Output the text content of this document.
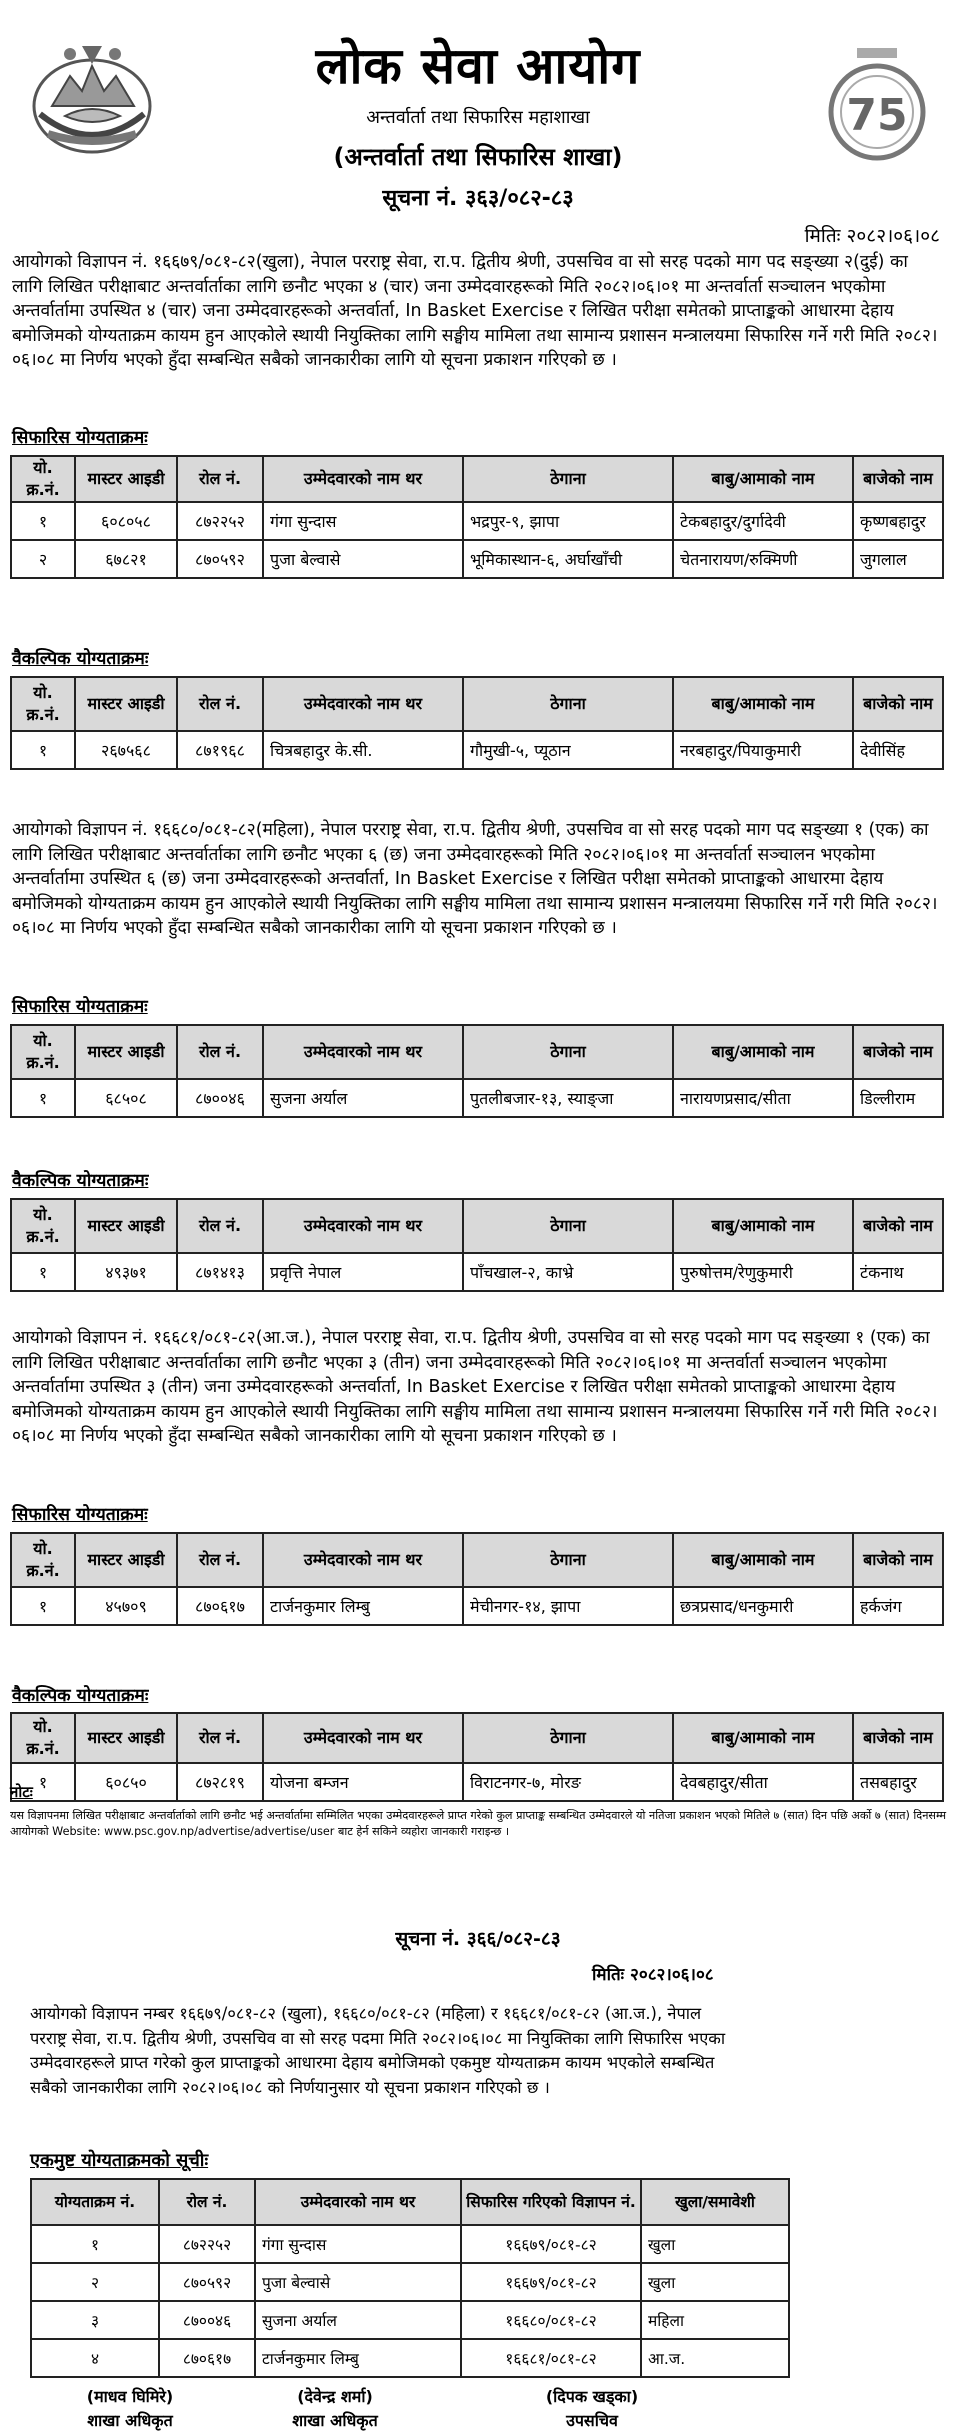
लोक सेवा आयोग
अन्तर्वार्ता तथा सिफारिस महाशाखा
(अन्तर्वार्ता तथा सिफारिस शाखा)
सूचना नं. ३६३/०८२-८३
75
मितिः २०८२।०६।०८
आयोगको विज्ञापन नं. १६६७९/०८१-८२(खुला), नेपाल परराष्ट्र सेवा, रा.प. द्वितीय श्रेणी, उपसचिव वा सो सरह पदको माग पद सङ्ख्या २(दुई) का लागि लिखित परीक्षाबाट अन्तर्वार्ताका लागि छनौट भएका ४ (चार) जना उम्मेदवारहरूको मिति २०८२।०६।०१ मा अन्तर्वार्ता सञ्चालन भएकोमा अन्तर्वार्तामा उपस्थित ४ (चार) जना उम्मेदवारहरूको अन्तर्वार्ता, In Basket Exercise र लिखित परीक्षा समेतको प्राप्ताङ्कको आधारमा देहाय बमोजिमको योग्यताक्रम कायम हुन आएकोले स्थायी नियुक्तिका लागि सङ्घीय मामिला तथा सामान्य प्रशासन मन्त्रालयमा सिफारिस गर्ने गरी मिति २०८२।०६।०८ मा निर्णय भएको हुँदा सम्बन्धित सबैको जानकारीका लागि यो सूचना प्रकाशन गरिएको छ ।
सिफारिस योग्यताक्रमः
यो. क्र.नं.	मास्टर आइडी	रोल नं.	उम्मेदवारको नाम थर	ठेगाना	बाबु/आमाको नाम	बाजेको नाम
१	६०८०५८	८७२२५२	गंगा सुन्दास	भद्रपुर-९, झापा	टेकबहादुर/दुर्गादेवी	कृष्णबहादुर
२	६७८२१	८७०५९२	पुजा बेल्वासे	भूमिकास्थान-६, अर्घाखाँची	चेतनारायण/रुक्मिणी	जुगलाल
वैकल्पिक योग्यताक्रमः
यो. क्र.नं.	मास्टर आइडी	रोल नं.	उम्मेदवारको नाम थर	ठेगाना	बाबु/आमाको नाम	बाजेको नाम
१	२६७५६८	८७१९६८	चित्रबहादुर के.सी.	गौमुखी-५, प्यूठान	नरबहादुर/पियाकुमारी	देवीसिंह
आयोगको विज्ञापन नं. १६६८०/०८१-८२(महिला), नेपाल परराष्ट्र सेवा, रा.प. द्वितीय श्रेणी, उपसचिव वा सो सरह पदको माग पद सङ्ख्या १ (एक) का लागि लिखित परीक्षाबाट अन्तर्वार्ताका लागि छनौट भएका ६ (छ) जना उम्मेदवारहरूको मिति २०८२।०६।०१ मा अन्तर्वार्ता सञ्चालन भएकोमा अन्तर्वार्तामा उपस्थित ६ (छ) जना उम्मेदवारहरूको अन्तर्वार्ता, In Basket Exercise र लिखित परीक्षा समेतको प्राप्ताङ्कको आधारमा देहाय बमोजिमको योग्यताक्रम कायम हुन आएकोले स्थायी नियुक्तिका लागि सङ्घीय मामिला तथा सामान्य प्रशासन मन्त्रालयमा सिफारिस गर्ने गरी मिति २०८२।०६।०८ मा निर्णय भएको हुँदा सम्बन्धित सबैको जानकारीका लागि यो सूचना प्रकाशन गरिएको छ ।
सिफारिस योग्यताक्रमः
यो. क्र.नं.	मास्टर आइडी	रोल नं.	उम्मेदवारको नाम थर	ठेगाना	बाबु/आमाको नाम	बाजेको नाम
१	६८५०८	८७००४६	सुजना अर्याल	पुतलीबजार-१३, स्याङ्जा	नारायणप्रसाद/सीता	डिल्लीराम
वैकल्पिक योग्यताक्रमः
यो. क्र.नं.	मास्टर आइडी	रोल नं.	उम्मेदवारको नाम थर	ठेगाना	बाबु/आमाको नाम	बाजेको नाम
१	४९३७१	८७१४१३	प्रवृत्ति नेपाल	पाँचखाल-२, काभ्रे	पुरुषोत्तम/रेणुकुमारी	टंकनाथ
आयोगको विज्ञापन नं. १६६८१/०८१-८२(आ.ज.), नेपाल परराष्ट्र सेवा, रा.प. द्वितीय श्रेणी, उपसचिव वा सो सरह पदको माग पद सङ्ख्या १ (एक) का लागि लिखित परीक्षाबाट अन्तर्वार्ताका लागि छनौट भएका ३ (तीन) जना उम्मेदवारहरूको मिति २०८२।०६।०१ मा अन्तर्वार्ता सञ्चालन भएकोमा अन्तर्वार्तामा उपस्थित ३ (तीन) जना उम्मेदवारहरूको अन्तर्वार्ता, In Basket Exercise र लिखित परीक्षा समेतको प्राप्ताङ्कको आधारमा देहाय बमोजिमको योग्यताक्रम कायम हुन आएकोले स्थायी नियुक्तिका लागि सङ्घीय मामिला तथा सामान्य प्रशासन मन्त्रालयमा सिफारिस गर्ने गरी मिति २०८२।०६।०८ मा निर्णय भएको हुँदा सम्बन्धित सबैको जानकारीका लागि यो सूचना प्रकाशन गरिएको छ ।
सिफारिस योग्यताक्रमः
यो. क्र.नं.	मास्टर आइडी	रोल नं.	उम्मेदवारको नाम थर	ठेगाना	बाबु/आमाको नाम	बाजेको नाम
१	४५७०९	८७०६१७	टार्जनकुमार लिम्बु	मेचीनगर-१४, झापा	छत्रप्रसाद/धनकुमारी	हर्कजंग
वैकल्पिक योग्यताक्रमः
यो. क्र.नं.	मास्टर आइडी	रोल नं.	उम्मेदवारको नाम थर	ठेगाना	बाबु/आमाको नाम	बाजेको नाम
१	६०८५०	८७२८१९	योजना बम्जन	विराटनगर-७, मोरङ	देवबहादुर/सीता	तसबहादुर
नोटः
यस विज्ञापनमा लिखित परीक्षाबाट अन्तर्वार्ताको लागि छनौट भई अन्तर्वार्तामा सम्मिलित भएका उम्मेदवारहरूले प्राप्त गरेको कुल प्राप्ताङ्क सम्बन्धित उम्मेदवारले यो नतिजा प्रकाशन भएको मितिले ७ (सात) दिन पछि अर्को ७ (सात) दिनसम्म आयोगको Website: www.psc.gov.np/advertise/advertise/user बाट हेर्न सकिने व्यहोरा जानकारी गराइन्छ ।
सूचना नं. ३६६/०८२-८३
मितिः २०८२।०६।०८
आयोगको विज्ञापन नम्बर १६६७९/०८१-८२ (खुला), १६६८०/०८१-८२ (महिला) र १६६८१/०८१-८२ (आ.ज.), नेपाल परराष्ट्र सेवा, रा.प. द्वितीय श्रेणी, उपसचिव वा सो सरह पदमा मिति २०८२।०६।०८ मा नियुक्तिका लागि सिफारिस भएका उम्मेदवारहरूले प्राप्त गरेको कुल प्राप्ताङ्कको आधारमा देहाय बमोजिमको एकमुष्ट योग्यताक्रम कायम भएकोले सम्बन्धित सबैको जानकारीका लागि २०८२।०६।०८ को निर्णयानुसार यो सूचना प्रकाशन गरिएको छ ।
एकमुष्ट योग्यताक्रमको सूचीः
योग्यताक्रम नं.	रोल नं.	उम्मेदवारको नाम थर	सिफारिस गरिएको विज्ञापन नं.	खुला/समावेशी
१	८७२२५२	गंगा सुन्दास	१६६७९/०८१-८२	खुला
२	८७०५९२	पुजा बेल्वासे	१६६७९/०८१-८२	खुला
३	८७००४६	सुजना अर्याल	१६६८०/०८१-८२	महिला
४	८७०६१७	टार्जनकुमार लिम्बु	१६६८१/०८१-८२	आ.ज.
(माधव घिमिरे)
शाखा अधिकृत
(देवेन्द्र शर्मा)
शाखा अधिकृत
(दिपक खड्का)
उपसचिव
